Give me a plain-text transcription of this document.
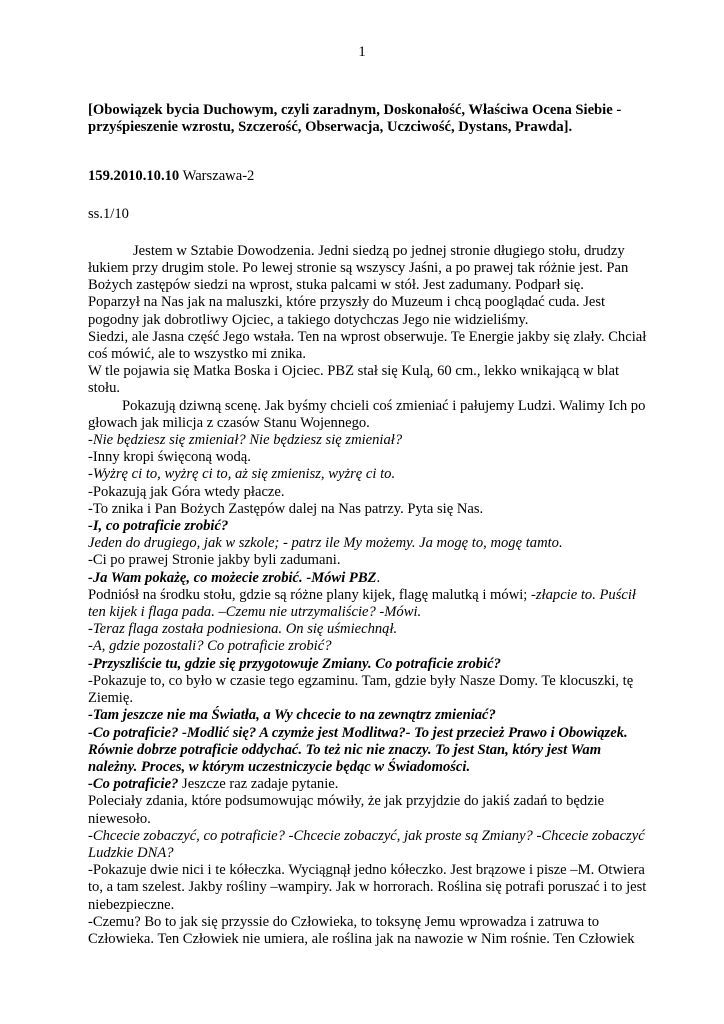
1

[Obowiązek bycia Duchowym, czyli zaradnym, Doskonałość, Właściwa Ocena Siebie -przyśpieszenie wzrostu, Szczerość, Obserwacja, Uczciwość, Dystans, Prawda].

159.2010.10.10 Warszawa-2
ss.1/10

Jestem w Sztabie Dowodzenia. Jedni siedzą po jednej stronie długiego stołu, drudzy łukiem przy drugim stole. Po lewej stronie są wszyscy Jaśni, a po prawej tak różnie jest. Pan Bożych zastępów siedzi na wprost, stuka palcami w stół. Jest zadumany. Podparł się.

Poparzył na Nas jak na maluszki, które przyszły do Muzeum i chcą pooglądać cuda. Jest pogodny jak dobrotliwy Ojciec, a takiego dotychczas Jego nie widzieliśmy.

Siedzi, ale Jasna część Jego wstała. Ten na wprost obserwuje. Te Energie jakby się zlały. Chciał coś mówić, ale to wszystko mi znika.

W tle pojawia się Matka Boska i Ojciec. PBZ stał się Kulą, 60 cm., lekko wnikającą w blat stołu.

Pokazują dziwną scenę. Jak byśmy chcieli coś zmieniać i pałujemy Ludzi. Walimy Ich po głowach jak milicja z czasów Stanu Wojennego.

-Nie będziesz się zmieniał? Nie będziesz się zmieniał?

-Inny kropi święconą wodą.

-Wyżrę ci to, wyżrę ci to, aż się zmienisz, wyżrę ci to.

-Pokazują jak Góra wtedy płacze.

-To znika i Pan Bożych Zastępów dalej na Nas patrzy. Pyta się Nas.

-I, co potraficie zrobić?

Jeden do drugiego, jak w szkole; - patrz ile My możemy. Ja mogę to, mogę tamto.

-Ci po prawej Stronie jakby byli zadumani.

-Ja Wam pokażę, co możecie zrobić. -Mówi PBZ.

Podniósł na środku stołu, gdzie są różne plany kijek, flagę malutką i mówi; -złapcie to. Puścił ten kijek i flaga pada. –Czemu nie utrzymaliście? -Mówi.

-Teraz flaga została podniesiona. On się uśmiechnął.

-A, gdzie pozostali? Co potraficie zrobić?

-Przyszliście tu, gdzie się przygotowuje Zmiany. Co potraficie zrobić?

-Pokazuje to, co było w czasie tego egzaminu. Tam, gdzie były Nasze Domy. Te klocuszki, tę Ziemię.

-Tam jeszcze nie ma Światła, a Wy chcecie to na zewnątrz zmieniać?

-Co potraficie? -Modlić się? A czymże jest Modlitwa?- To jest przecież Prawo i Obowiązek. Równie dobrze potraficie oddychać. To też nic nie znaczy. To jest Stan, który jest Wam należny. Proces, w którym uczestniczycie będąc w Świadomości.

-Co potraficie? Jeszcze raz zadaje pytanie.

Poleciały zdania, które podsumowując mówiły, że jak przyjdzie do jakiś zadań to będzie niewesoło.

-Chcecie zobaczyć, co potraficie? -Chcecie zobaczyć, jak proste są Zmiany? -Chcecie zobaczyć Ludzkie DNA?

-Pokazuje dwie nici i te kółeczka. Wyciągnął jedno kółeczko. Jest brązowe i pisze –M. Otwiera to, a tam szelest. Jakby rośliny –wampiry. Jak w horrorach. Roślina się potrafi poruszać i to jest niebezpieczne.

-Czemu? Bo to jak się przyssie do Człowieka, to toksynę Jemu wprowadza i zatruwa to Człowieka. Ten Człowiek nie umiera, ale roślina jak na nawozie w Nim rośnie. Ten Człowiek
